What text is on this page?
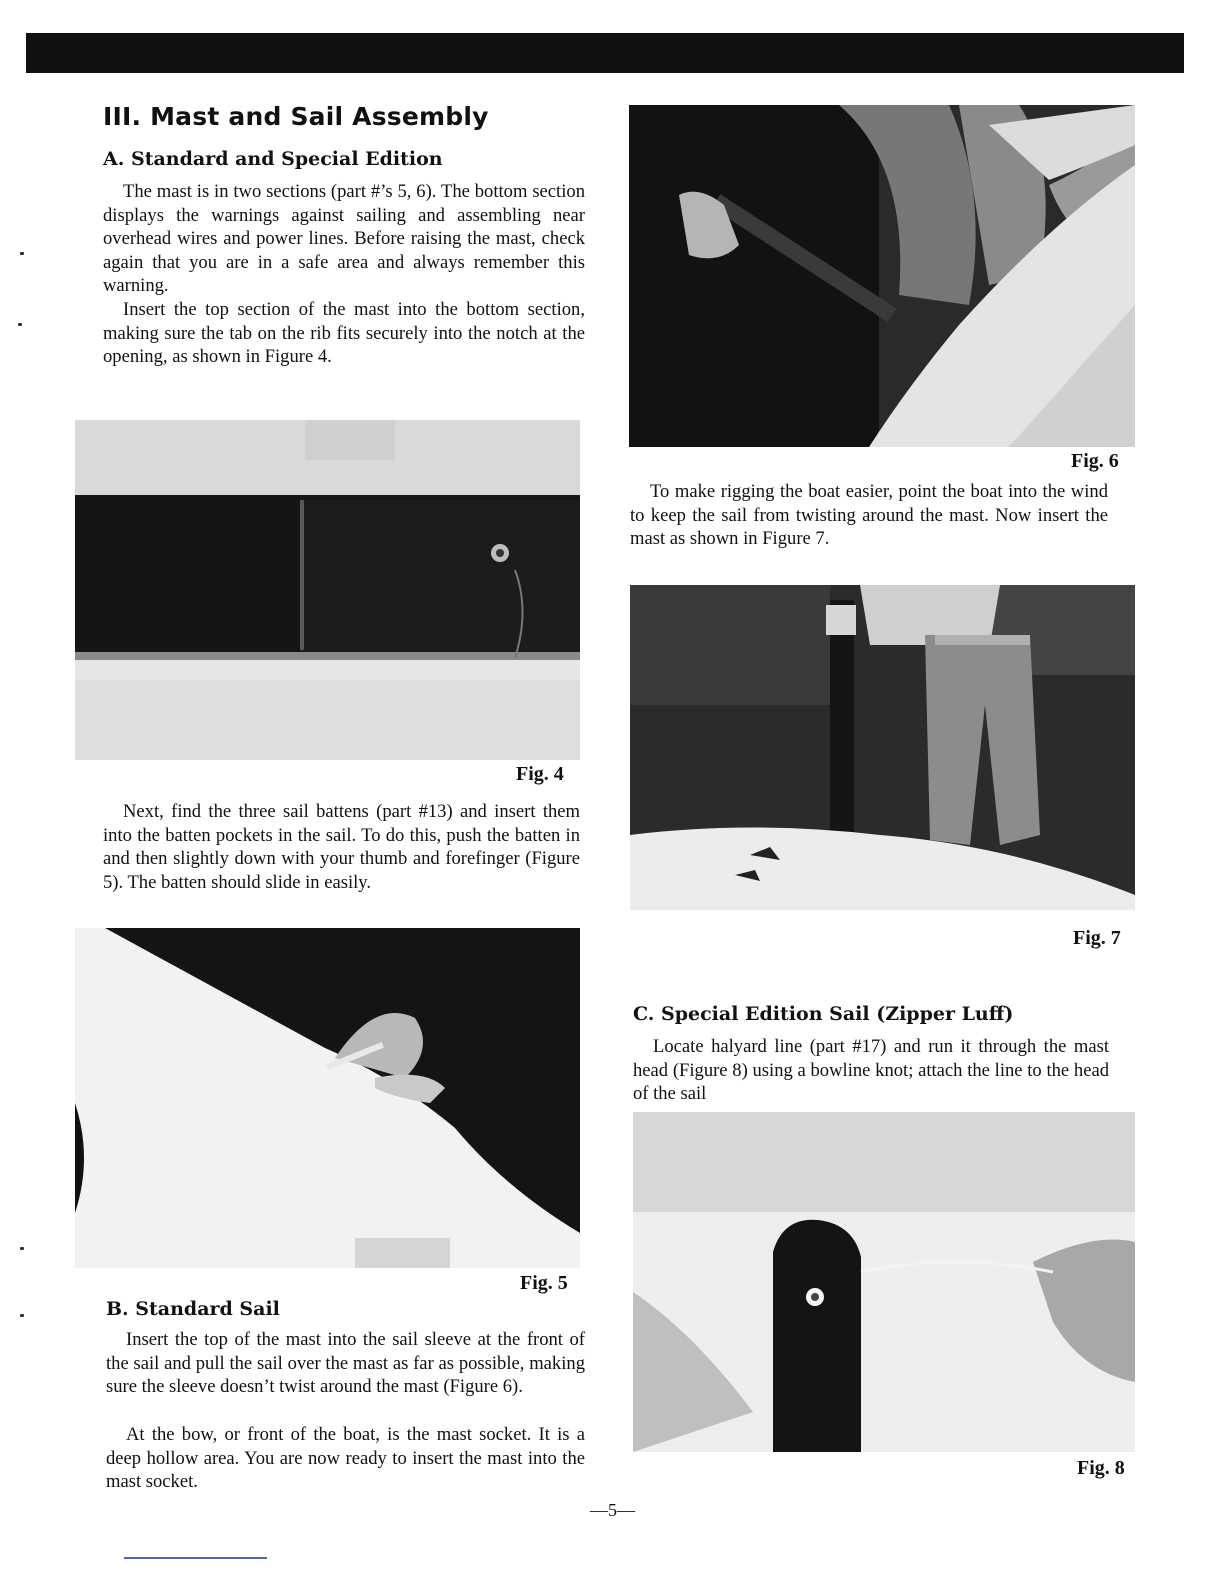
III. Mast and Sail Assembly
A. Standard and Special Edition

The mast is in two sections (part #’s 5, 6). The bottom section displays the warnings against sailing and assembling near overhead wires and power lines. Before raising the mast, check again that you are in a safe area and always remember this warning.

Insert the top section of the mast into the bottom section, making sure the tab on the rib fits securely into the notch at the opening, as shown in Figure 4.

Fig. 4

Next, find the three sail battens (part #13) and insert them into the batten pockets in the sail. To do this, push the batten in and then slightly down with your thumb and forefinger (Figure 5). The batten should slide in easily.

Fig. 5
B. Standard Sail

Insert the top of the mast into the sail sleeve at the front of the sail and pull the sail over the mast as far as possible, making sure the sleeve doesn’t twist around the mast (Figure 6).

At the bow, or front of the boat, is the mast socket. It is a deep hollow area. You are now ready to insert the mast into the mast socket.

Fig. 6

To make rigging the boat easier, point the boat into the wind to keep the sail from twisting around the mast. Now insert the mast as shown in Figure 7.

Fig. 7
C. Special Edition Sail (Zipper Luff)

Locate halyard line (part #17) and run it through the mast head (Figure 8) using a bowline knot; attach the line to the head of the sail

Fig. 8
—5—
